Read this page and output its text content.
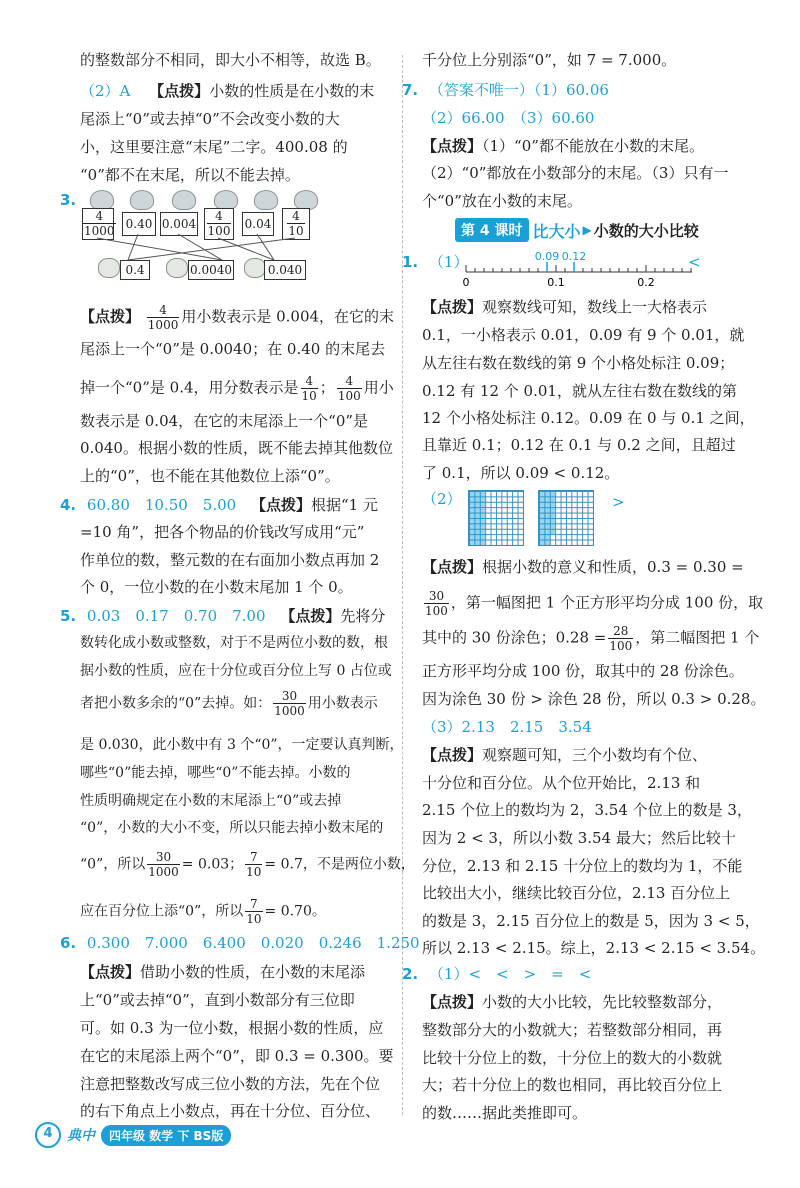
的整数部分不相同，即大小不相等，故选 B。
（2）A 【点拨】小数的性质是在小数的末
尾添上“0”或去掉“0”不会改变小数的大
小，这里要注意“末尾”二字。400.08 的
“0”都不在末尾，所以不能去掉。
3.
$\frac{4}{1000} 0.40$ $0.004 \frac{4}{100} 0.04 \frac{4}{10}$
0.4	0.0040	0.040
【点拨】 $\frac{4}{1000}$ 用小数表示是 0.004，在它的末
尾添上一个“0”是 0.0040；在 0.40 的末尾去
掉一个“0”是 0.4，用分数表示是 $\frac{4}{10}$ ； $\frac{4}{100}$ 用小
数表示是 0.04，在它的末尾添上一个“0”是
0.040。根据小数的性质，既不能去掉其他数位
上的“0”，也不能在其他数位上添“0”。
4. 60.80　10.50　5.00 【点拨】根据“1 元
=10 角”，把各个物品的价钱改写成用“元”
作单位的数，整元数的在右面加小数点再加 2
个 0，一位小数的在小数末尾加 1 个 0。
5. 0.03　0.17　0.70　7.00 【点拨】先将分
数转化成小数或整数，对于不是两位小数的数，根
据小数的性质，应在十分位或百分位上写 0 占位或
者把小数多余的“0”去掉。如： $\frac{30}{1000}$ 用小数表示
是 0.030，此小数中有 3 个“0”，一定要认真判断，
哪些“0”能去掉，哪些“0”不能去掉。小数的
性质明确规定在小数的末尾添上“0”或去掉
“0”，小数的大小不变，所以只能去掉小数末尾的
“0”，所以 $\frac{30}{1000} = 0.03$； $\frac{7}{10} = 0.7$，不是两位小数，
应在百分位上添“0”，所以 $\frac{7}{10} = 0.70$。
6. 0.300　7.000　6.400　0.020　0.246　1.250
【点拨】借助小数的性质，在小数的末尾添
上“0”或去掉“0”，直到小数部分有三位即
可。如 0.3 为一位小数，根据小数的性质，应
在它的末尾添上两个“0”，即 0.3 = 0.300。要
注意把整数改写成三位小数的方法，先在个位
的右下角点上小数点，再在十分位、百分位、
千分位上分别添“0”，如 7 = 7.000。
7. （答案不唯一）（1）60.06
（2）66.00　（3）60.60
【点拨】（1）“0”都不能放在小数的末尾。
（2）“0”都放在小数部分的末尾。（3）只有一
个“0”放在小数的末尾。
第 4 课时 比大小 ▶ 小数的大小比较
1. （1）
0	0.1	0.2
0.09 0.12	<
【点拨】观察数线可知，数线上一大格表示
0.1，一小格表示 0.01，0.09 有 9 个 0.01，就
从左往右数在数线的第 9 个小格处标注 0.09；
0.12 有 12 个 0.01，就从左往右数在数线的第
12 个小格处标注 0.12。0.09 在 0 与 0.1 之间，
且靠近 0.1；0.12 在 0.1 与 0.2 之间，且超过
了 0.1，所以 0.09 < 0.12。
（2）	>
【点拨】根据小数的意义和性质，0.3 = 0.30 =
$\frac{30}{100}$ ，第一幅图把 1 个正方形平均分成 100 份，取
其中的 30 份涂色；$0.28 = \frac{28}{100}$ ，第二幅图把 1 个
正方形平均分成 100 份，取其中的 28 份涂色。
因为涂色 30 份 > 涂色 28 份，所以 0.3 > 0.28。
（3）2.13　2.15　3.54
【点拨】观察题可知，三个小数均有个位、
十分位和百分位。从个位开始比，2.13 和
2.15 个位上的数均为 2，3.54 个位上的数是 3，
因为 2 < 3，所以小数 3.54 最大；然后比较十
分位，2.13 和 2.15 十分位上的数均为 1，不能
比较出大小，继续比较百分位，2.13 百分位上
的数是 3，2.15 百分位上的数是 5，因为 3 < 5，
所以 2.13 < 2.15。综上，2.13 < 2.15 < 3.54。
2. （1）<　<　>　=　<
【点拨】小数的大小比较，先比较整数部分，
整数部分大的小数就大；若整数部分相同，再
比较十分位上的数，十分位上的数大的小数就
大；若十分位上的数也相同，再比较百分位上
的数……据此类推即可。
4	典中	四年级 数学 下 BS版
